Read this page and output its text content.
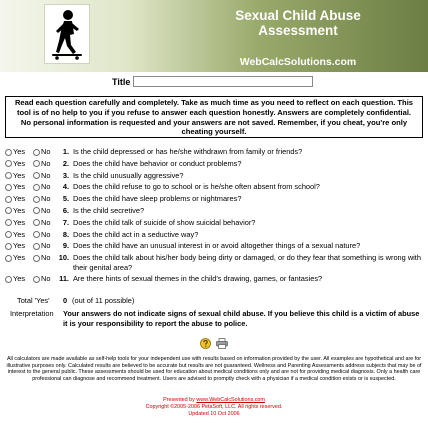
Sexual Child Abuse
Assessment
WebCalcSolutions.com
Title
Read each question carefully and completely. Take as much time as you need to reflect on each question. This tool is of no help to you if you refuse to answer each question honestly. Answers are completely confidential. No personal information is requested and your answers are not saved. Remember, if you cheat, you're only cheating yourself.
Yes No	1. Is the child depressed or has he/she withdrawn from family or friends?
Yes No	2. Does the child have behavior or conduct problems?
Yes No	3. Is the child unusually aggressive?
Yes No	4. Does the child refuse to go to school or is he/she often absent from school?
Yes No	5. Does the child have sleep problems or nightmares?
Yes No	6. Is the child secretive?
Yes No	7. Does the child talk of suicide of show suicidal behavior?
Yes No	8. Does the child act in a seductive way?
Yes No	9. Does the child have an unusual interest in or avoid altogether things of a sexual nature?
Yes No 10. Does the child talk about his/her body being dirty or damaged, or do they fear that something is wrong with their genital area?
Yes No 11. Are there hints of sexual themes in the child's drawing, games, or fantasies?
Total 'Yes' 0 (out of 11 possible)
Interpretation Your answers do not indicate signs of sexual child abuse. If you believe this child is a victim of abuse it is your responsibility to report the abuse to police.
All calculators are made available as self-help tools for your independent use with results based on information provided by the user. All examples are hypothetical and are for illustrative purposes only. Calculated results are believed to be accurate but results are not guaranteed. Wellness and Parenting Assessments address subjects that may be of interest to the general public. These assessments should be used for education about medical conditions only and are not for providing medical diagnosis. Only a health care professional can diagnose and recommend treatment. Users are advised to promptly check with a physician if a medical condition exists or is suspected.
Presented by www.WebCalcSolutions.com
Copyright ©2005-2006 PetaSoft, LLC. All rights reserved.
Updated 10 Oct 2006
